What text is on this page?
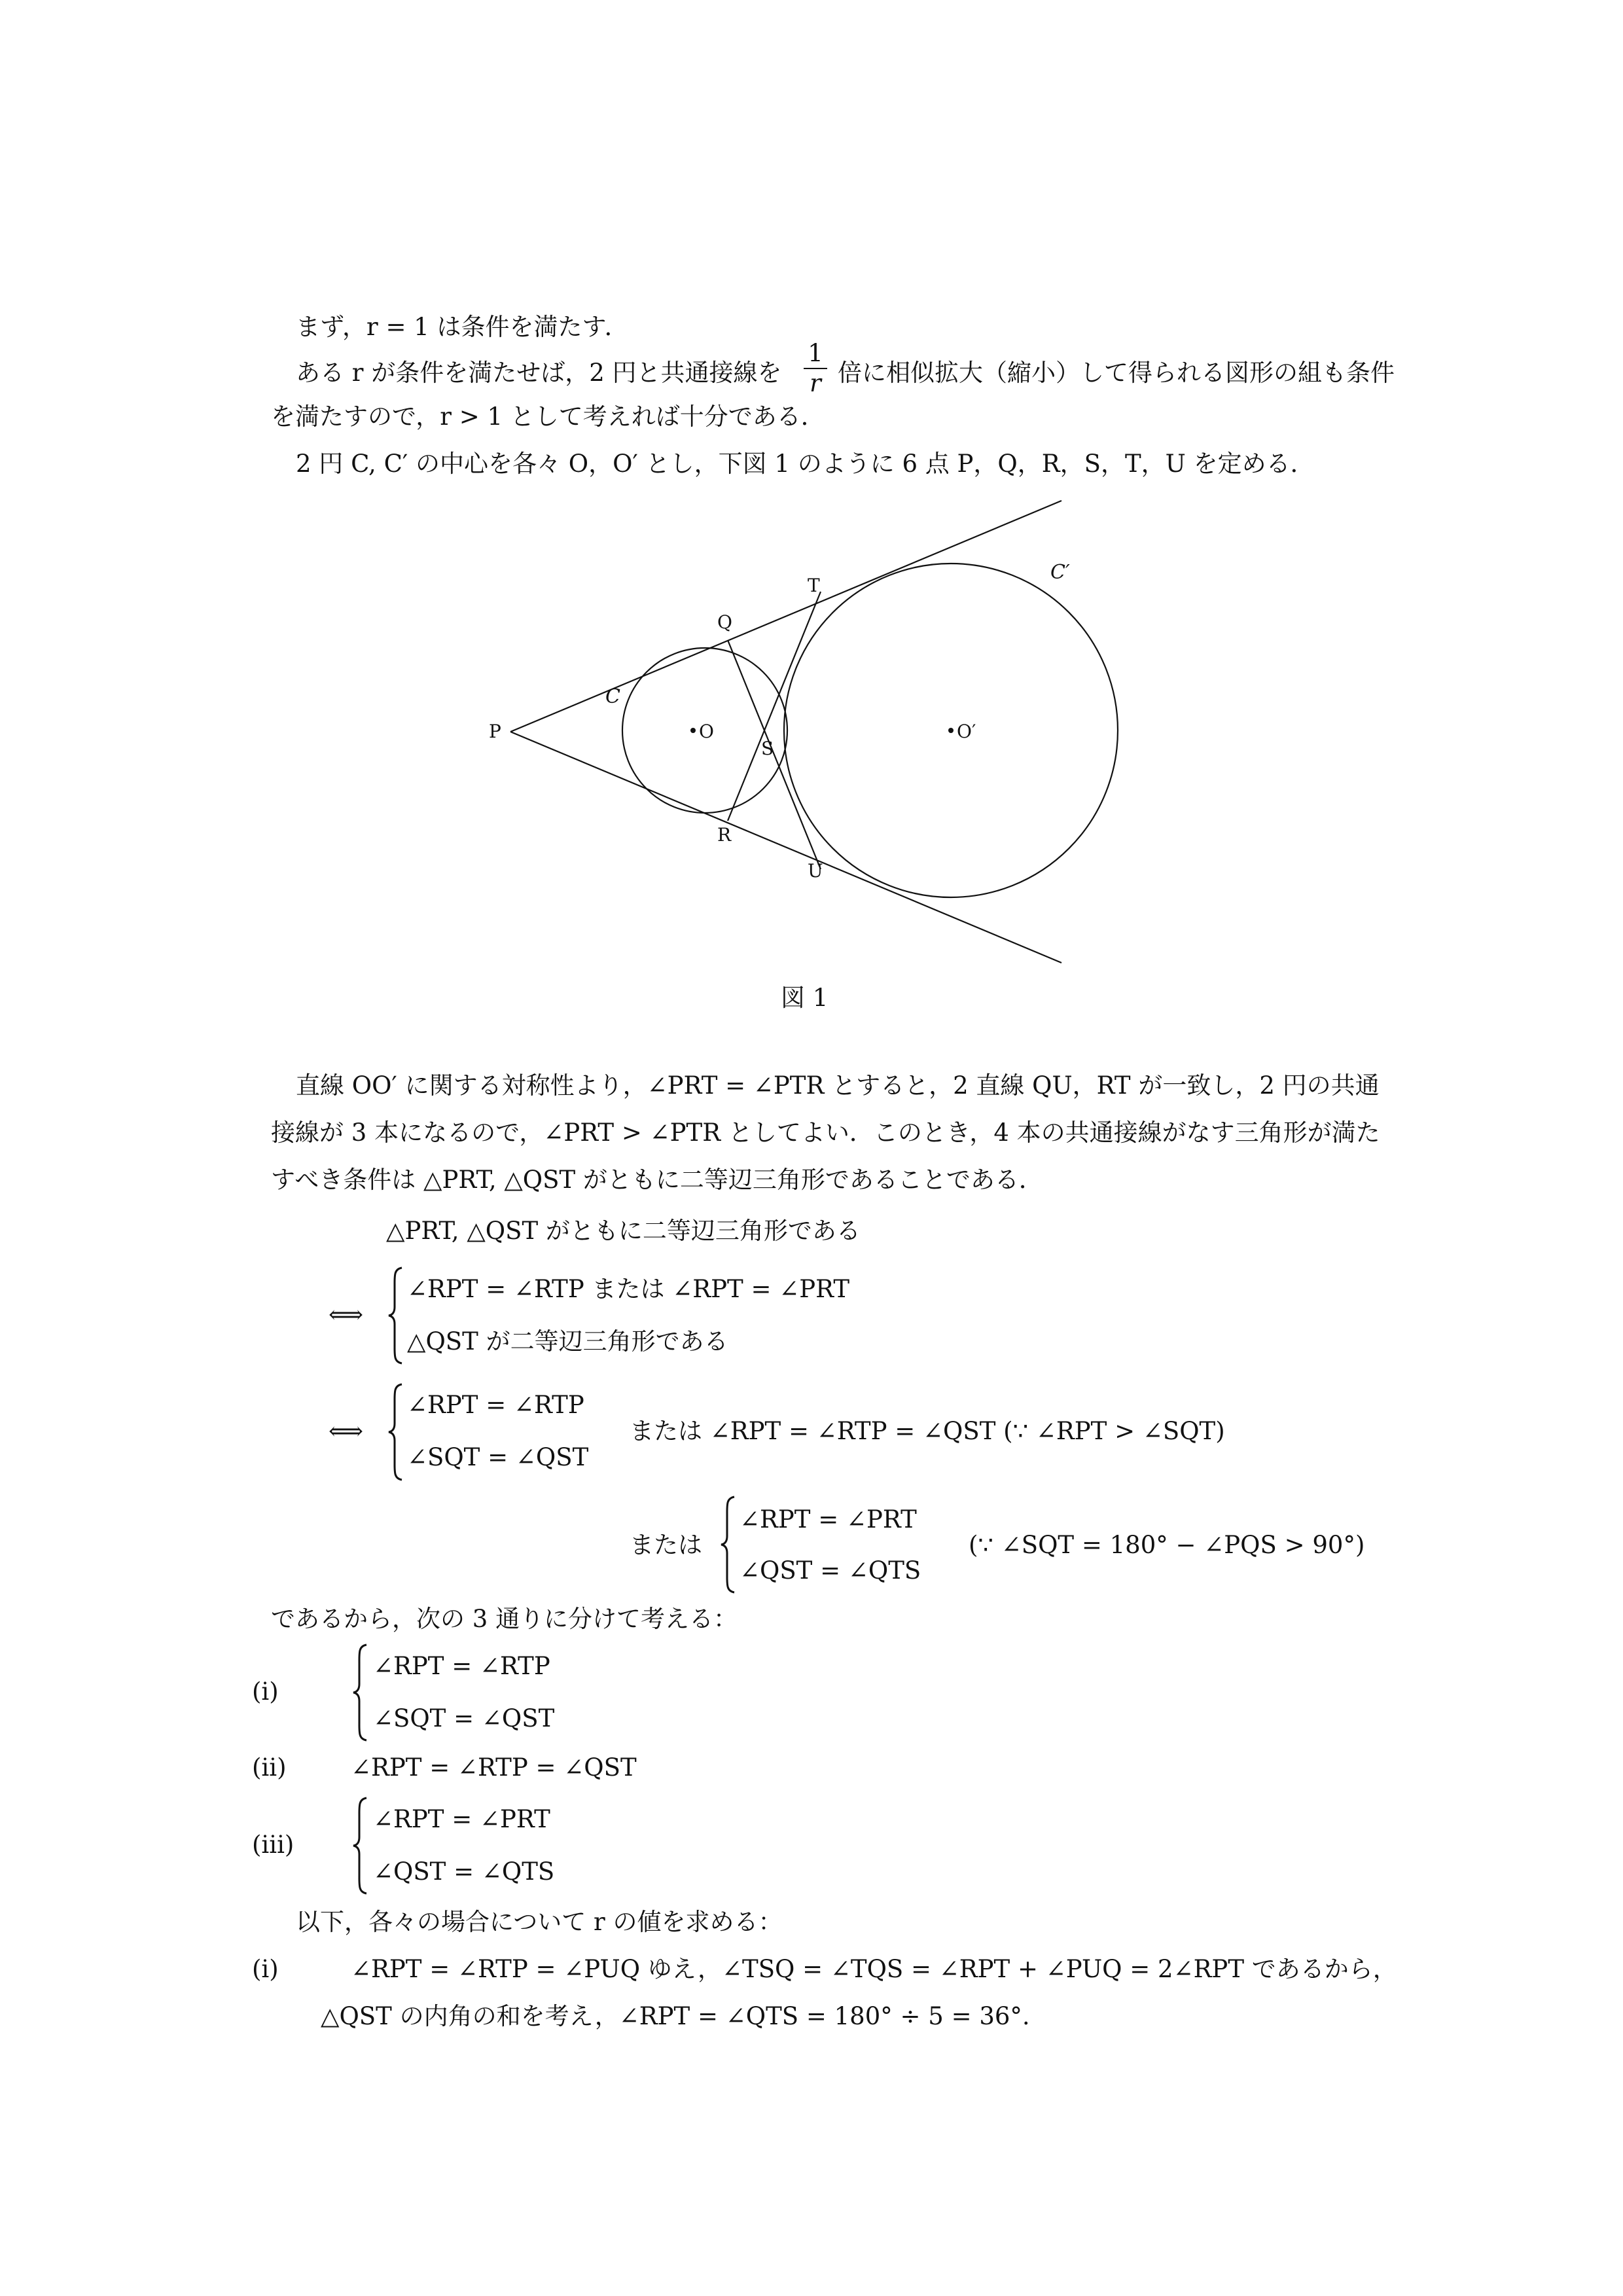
まず，r = 1 は条件を満たす．
ある r が条件を満たせば，2 円と共通接線を
1
r 倍に相似拡大（縮小）して得られる図形の組も条件
を満たすので，r > 1 として考えれば十分である．
2 円 C, C′ の中心を各々 O，O′ とし，下図 1 のように 6 点 P，Q，R，S，T，U を定める．
P
Q
T
C
C′
O	O′
S
R
U
図 1
直線 OO′ に関する対称性より，∠PRT = ∠PTR とすると，2 直線 QU，RT が一致し，2 円の共通
接線が 3 本になるので，∠PRT > ∠PTR としてよい．このとき，4 本の共通接線がなす三角形が満た
すべき条件は △PRT, △QST がともに二等辺三角形であることである．
△PRT, △QST がともに二等辺三角形である
⟺
∠RPT = ∠RTP または ∠RPT = ∠PRT
△QST が二等辺三角形である
⟺
∠RPT = ∠RTP
∠SQT = ∠QST
または ∠RPT = ∠RTP = ∠QST (∵ ∠RPT > ∠SQT)
または
∠RPT = ∠PRT
∠QST = ∠QTS
(∵ ∠SQT = 180° − ∠PQS > 90°)
であるから，次の 3 通りに分けて考える：
(i)
∠RPT = ∠RTP
∠SQT = ∠QST
(ii)	∠RPT = ∠RTP = ∠QST
(iii)
∠RPT = ∠PRT
∠QST = ∠QTS
以下，各々の場合について r の値を求める：
(i)	∠RPT = ∠RTP = ∠PUQ ゆえ，∠TSQ = ∠TQS = ∠RPT + ∠PUQ = 2∠RPT であるから，
△QST の内角の和を考え，∠RPT = ∠QTS = 180° ÷ 5 = 36°.
